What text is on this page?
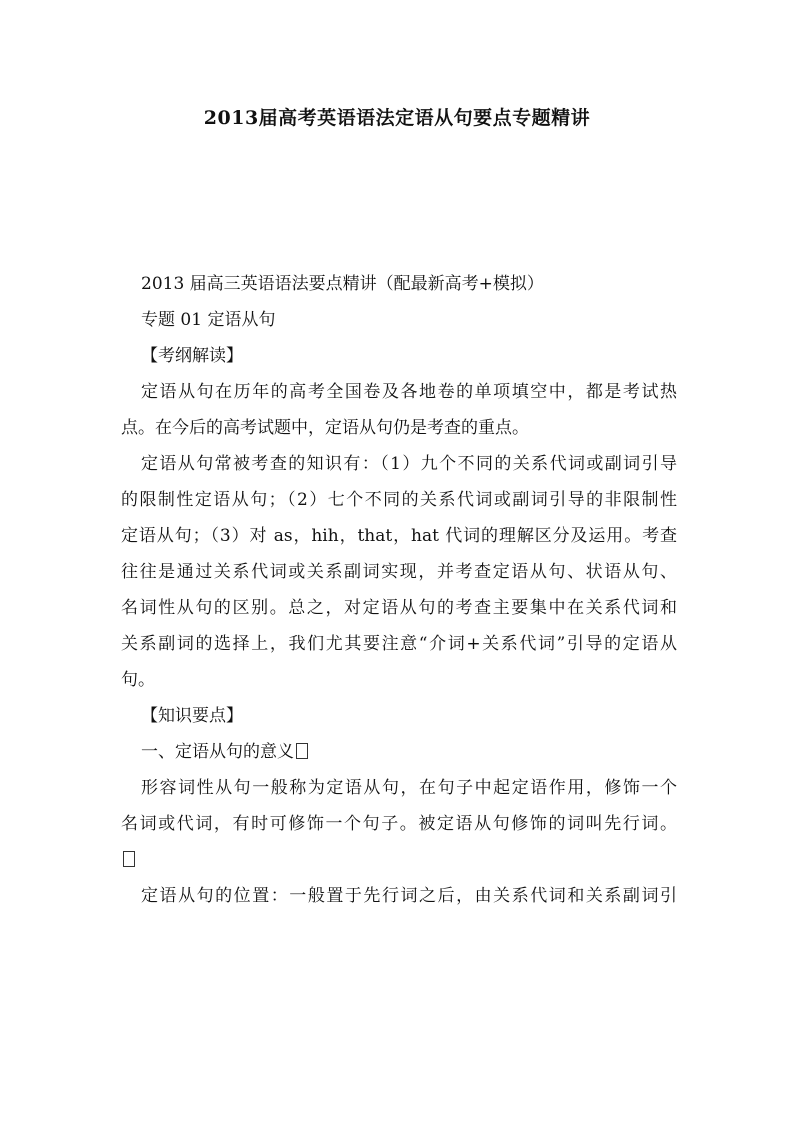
2013届高考英语语法定语从句要点专题精讲
2013 届高三英语语法要点精讲（配最新高考+模拟）
专题 01 定语从句
【考纲解读】
定语从句在历年的高考全国卷及各地卷的单项填空中，都是考试热
点。在今后的高考试题中，定语从句仍是考查的重点。
定语从句常被考查的知识有：（1）九个不同的关系代词或副词引导
的限制性定语从句；（2）七个不同的关系代词或副词引导的非限制性
定语从句；（3）对 as，hih，that，hat 代词的理解区分及运用。考查
往往是通过关系代词或关系副词实现，并考查定语从句、状语从句、
名词性从句的区别。总之，对定语从句的考查主要集中在关系代词和
关系副词的选择上，我们尤其要注意“介词+关系代词”引导的定语从
句。
【知识要点】
一、定语从句的意义
形容词性从句一般称为定语从句，在句子中起定语作用，修饰一个
名词或代词，有时可修饰一个句子。被定语从句修饰的词叫先行词。
定语从句的位置：一般置于先行词之后，由关系代词和关系副词引
